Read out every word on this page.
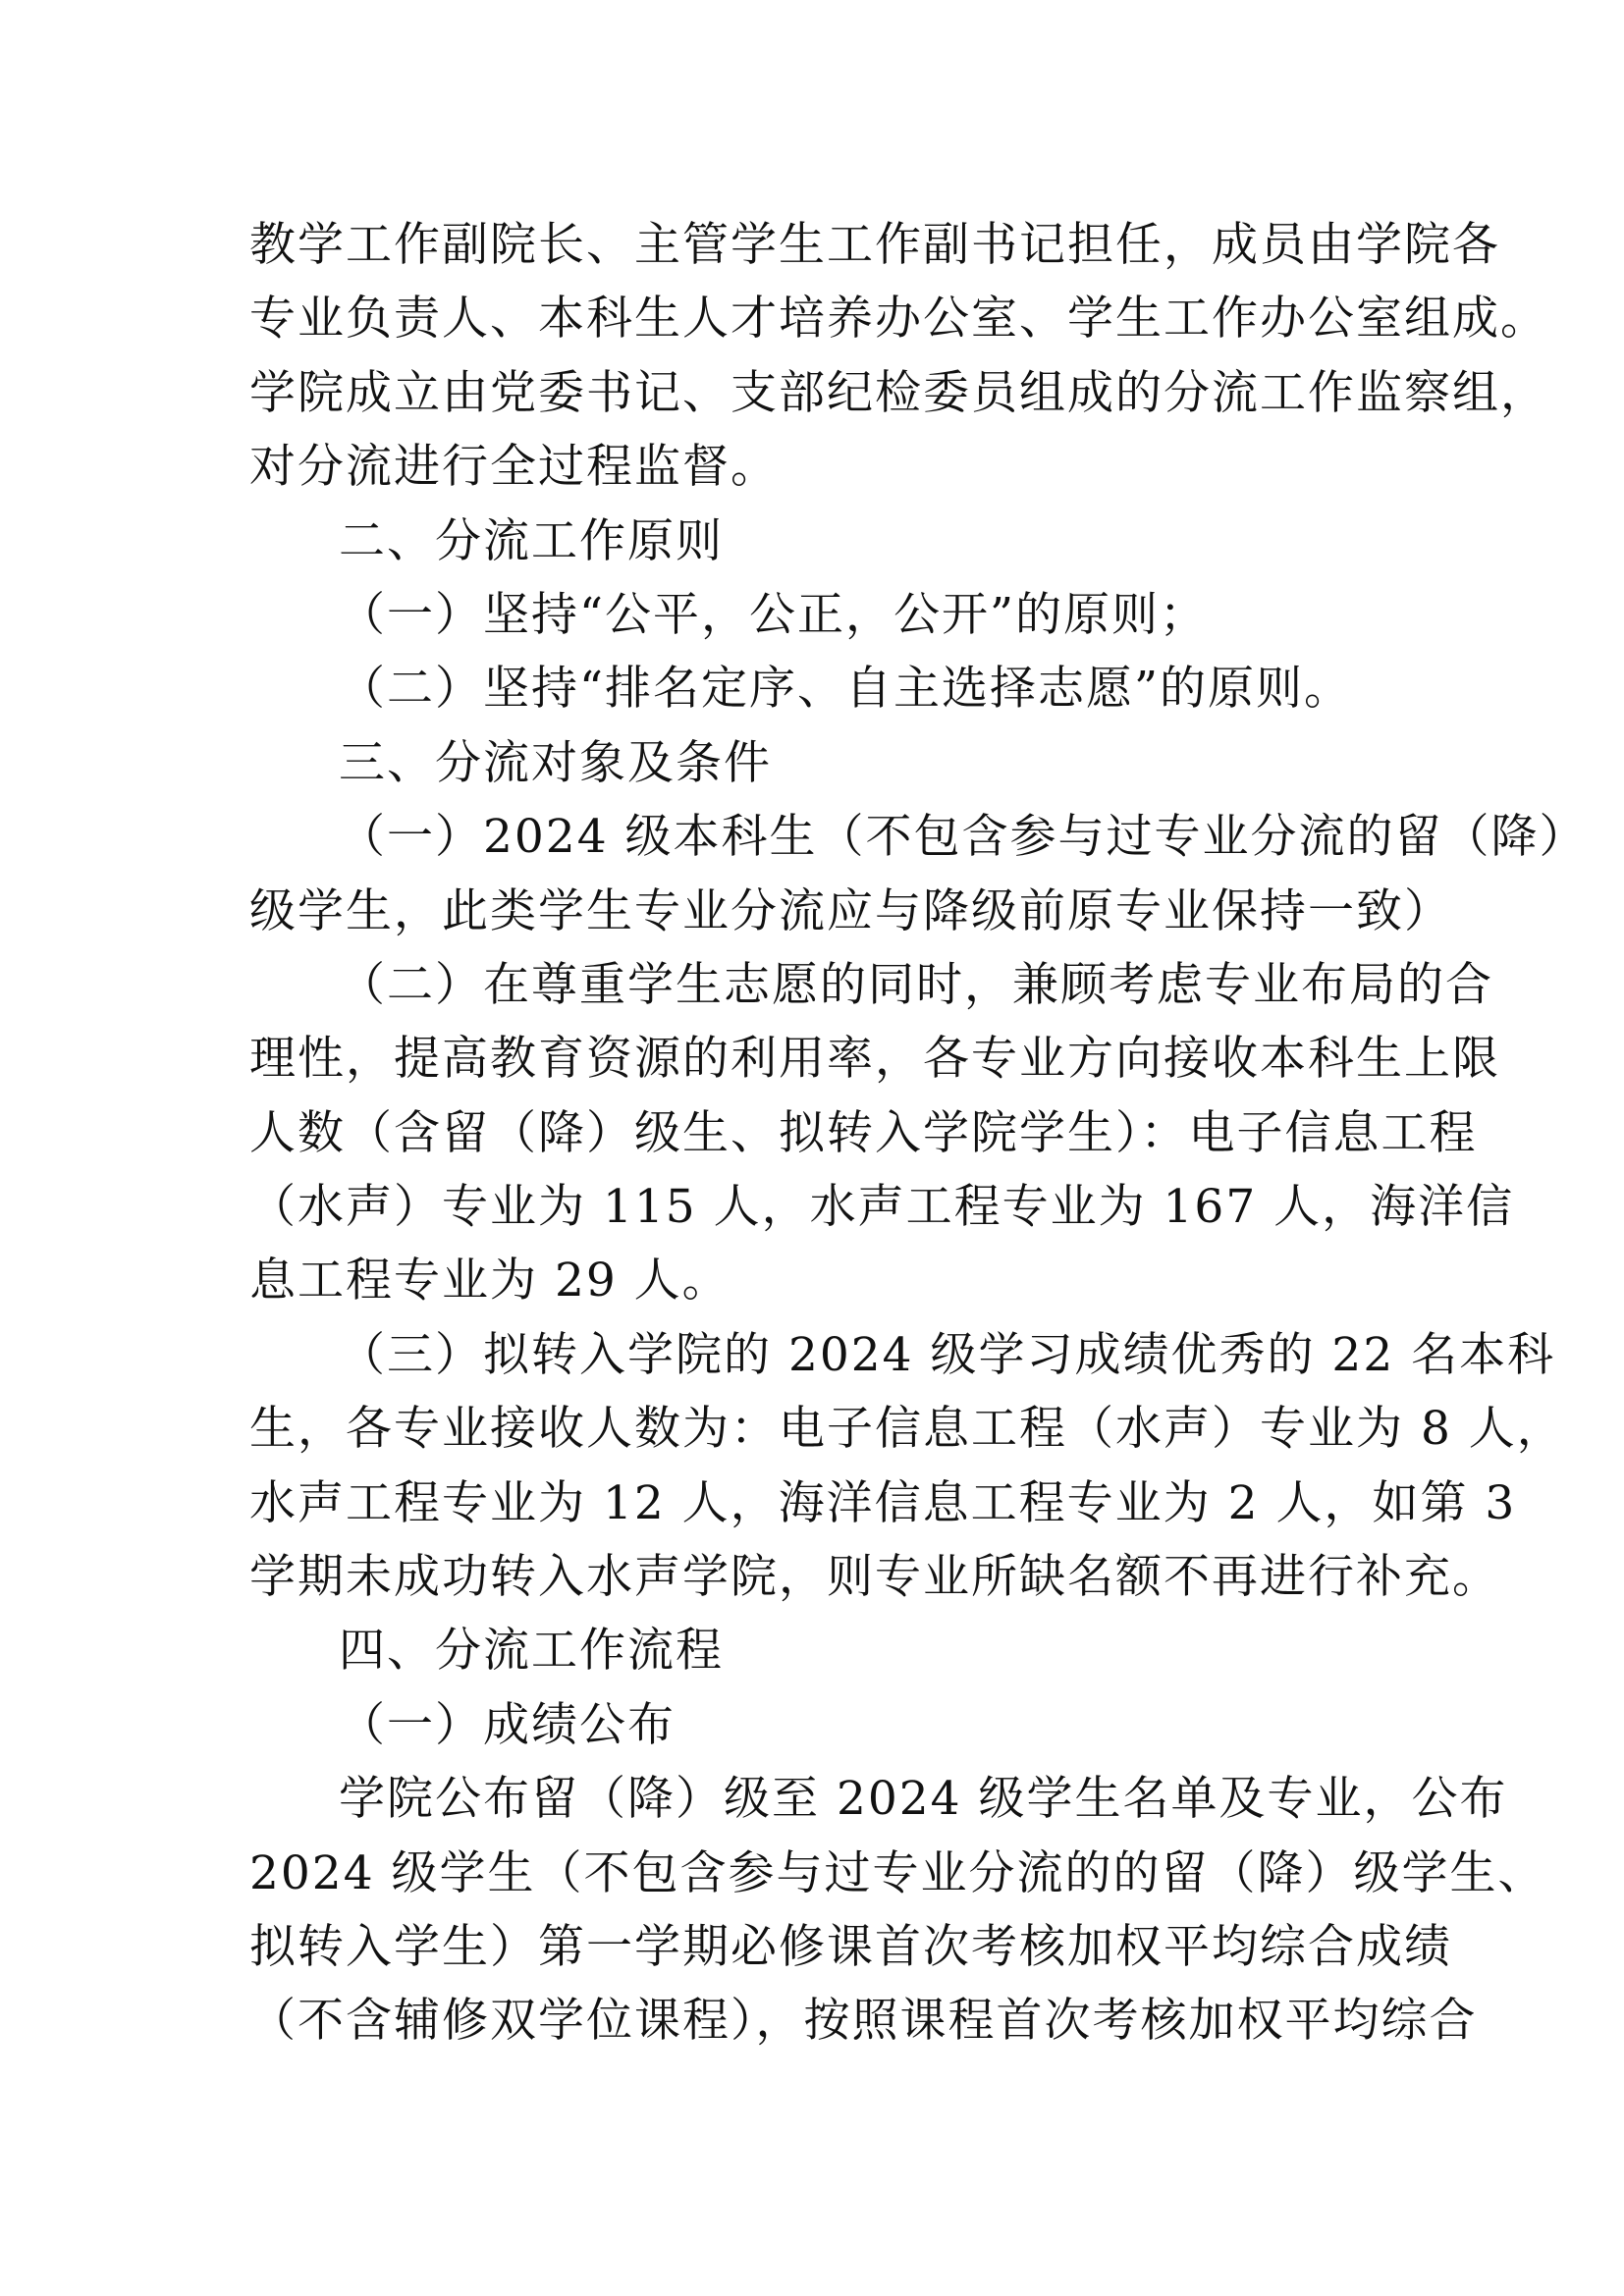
教学工作副院长、主管学生工作副书记担任，成员由学院各
专业负责人、本科生人才培养办公室、学生工作办公室组成。
学院成立由党委书记、支部纪检委员组成的分流工作监察组，
对分流进行全过程监督。
二、分流工作原则
（一）坚持“公平，公正，公开”的原则；
（二）坚持“排名定序、自主选择志愿”的原则。
三、分流对象及条件
（一）2024 级本科生（不包含参与过专业分流的留（降）
级学生，此类学生专业分流应与降级前原专业保持一致）
（二）在尊重学生志愿的同时，兼顾考虑专业布局的合
理性，提高教育资源的利用率，各专业方向接收本科生上限
人数（含留（降）级生、拟转入学院学生）：电子信息工程
（水声）专业为 115 人，水声工程专业为 167 人，海洋信
息工程专业为 29 人。
（三）拟转入学院的 2024 级学习成绩优秀的 22 名本科
生，各专业接收人数为：电子信息工程（水声）专业为 8 人，
水声工程专业为 12 人，海洋信息工程专业为 2 人，如第 3
学期未成功转入水声学院，则专业所缺名额不再进行补充。
四、分流工作流程
（一）成绩公布
学院公布留（降）级至 2024 级学生名单及专业，公布
2024 级学生（不包含参与过专业分流的的留（降）级学生、
拟转入学生）第一学期必修课首次考核加权平均综合成绩
（不含辅修双学位课程），按照课程首次考核加权平均综合
